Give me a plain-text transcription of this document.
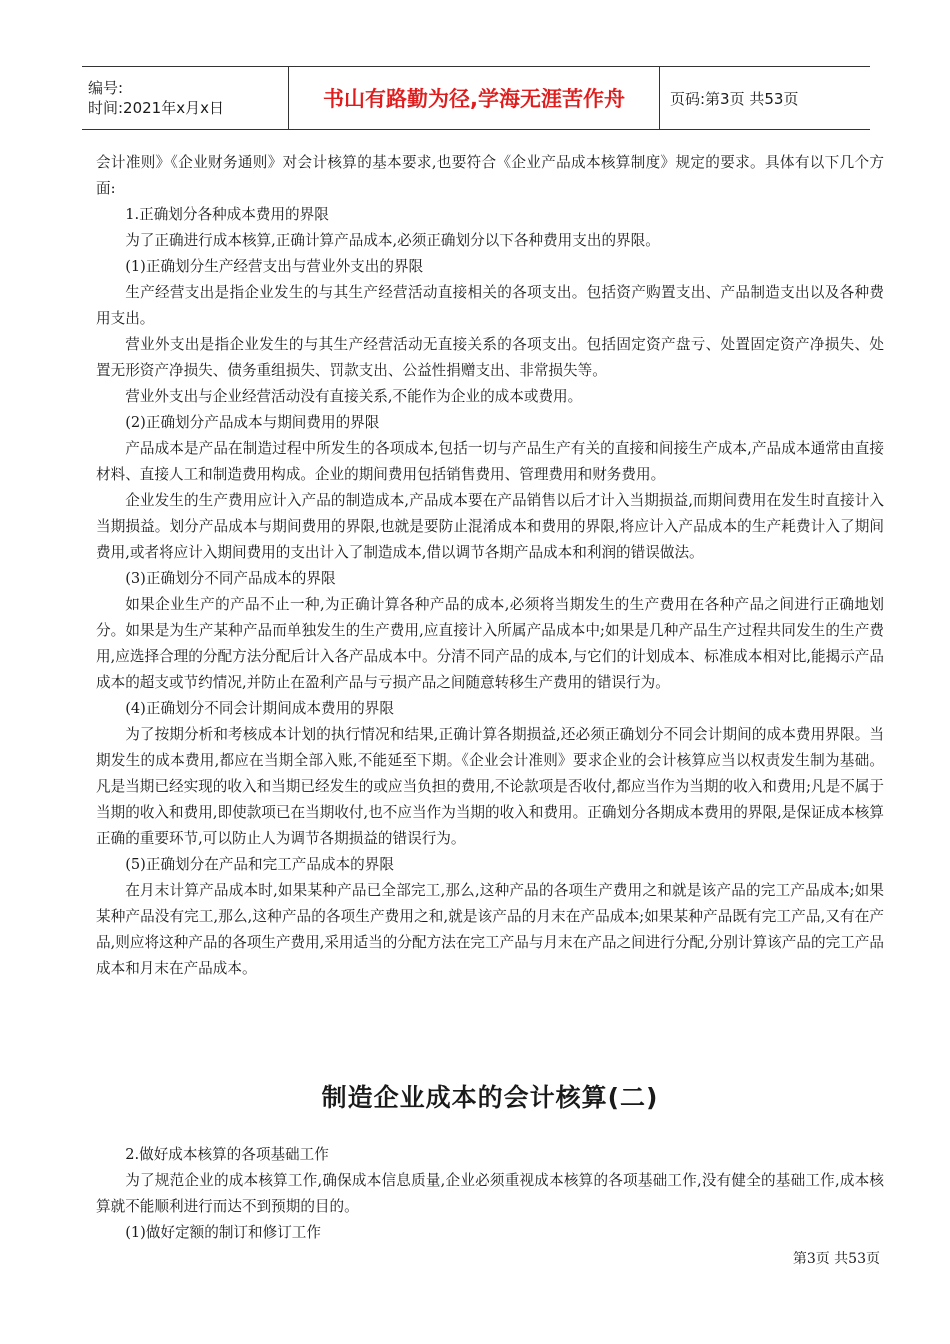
编号:
时间:2021年x月x日	书山有路勤为径,学海无涯苦作舟	页码:第3页 共53页

会计准则》《企业财务通则》对会计核算的基本要求,也要符合《企业产品成本核算制度》规定的要求。具体有以下几个方面:

1.正确划分各种成本费用的界限

为了正确进行成本核算,正确计算产品成本,必须正确划分以下各种费用支出的界限。

(1)正确划分生产经营支出与营业外支出的界限

生产经营支出是指企业发生的与其生产经营活动直接相关的各项支出。包括资产购置支出、产品制造支出以及各种费用支出。

营业外支出是指企业发生的与其生产经营活动无直接关系的各项支出。包括固定资产盘亏、处置固定资产净损失、处置无形资产净损失、债务重组损失、罚款支出、公益性捐赠支出、非常损失等。

营业外支出与企业经营活动没有直接关系,不能作为企业的成本或费用。

(2)正确划分产品成本与期间费用的界限

产品成本是产品在制造过程中所发生的各项成本,包括一切与产品生产有关的直接和间接生产成本,产品成本通常由直接材料、直接人工和制造费用构成。企业的期间费用包括销售费用、管理费用和财务费用。

企业发生的生产费用应计入产品的制造成本,产品成本要在产品销售以后才计入当期损益,而期间费用在发生时直接计入当期损益。划分产品成本与期间费用的界限,也就是要防止混淆成本和费用的界限,将应计入产品成本的生产耗费计入了期间费用,或者将应计入期间费用的支出计入了制造成本,借以调节各期产品成本和利润的错误做法。

(3)正确划分不同产品成本的界限

如果企业生产的产品不止一种,为正确计算各种产品的成本,必须将当期发生的生产费用在各种产品之间进行正确地划分。如果是为生产某种产品而单独发生的生产费用,应直接计入所属产品成本中;如果是几种产品生产过程共同发生的生产费用,应选择合理的分配方法分配后计入各产品成本中。分清不同产品的成本,与它们的计划成本、标准成本相对比,能揭示产品成本的超支或节约情况,并防止在盈利产品与亏损产品之间随意转移生产费用的错误行为。

(4)正确划分不同会计期间成本费用的界限

为了按期分析和考核成本计划的执行情况和结果,正确计算各期损益,还必须正确划分不同会计期间的成本费用界限。当期发生的成本费用,都应在当期全部入账,不能延至下期。《企业会计准则》要求企业的会计核算应当以权责发生制为基础。凡是当期已经实现的收入和当期已经发生的或应当负担的费用,不论款项是否收付,都应当作为当期的收入和费用;凡是不属于当期的收入和费用,即使款项已在当期收付,也不应当作为当期的收入和费用。正确划分各期成本费用的界限,是保证成本核算正确的重要环节,可以防止人为调节各期损益的错误行为。

(5)正确划分在产品和完工产品成本的界限

在月末计算产品成本时,如果某种产品已全部完工,那么,这种产品的各项生产费用之和就是该产品的完工产品成本;如果某种产品没有完工,那么,这种产品的各项生产费用之和,就是该产品的月末在产品成本;如果某种产品既有完工产品,又有在产品,则应将这种产品的各项生产费用,采用适当的分配方法在完工产品与月末在产品之间进行分配,分别计算该产品的完工产品成本和月末在产品成本。

制造企业成本的会计核算(二)

2.做好成本核算的各项基础工作

为了规范企业的成本核算工作,确保成本信息质量,企业必须重视成本核算的各项基础工作,没有健全的基础工作,成本核算就不能顺利进行而达不到预期的目的。

(1)做好定额的制订和修订工作

第3页 共53页
